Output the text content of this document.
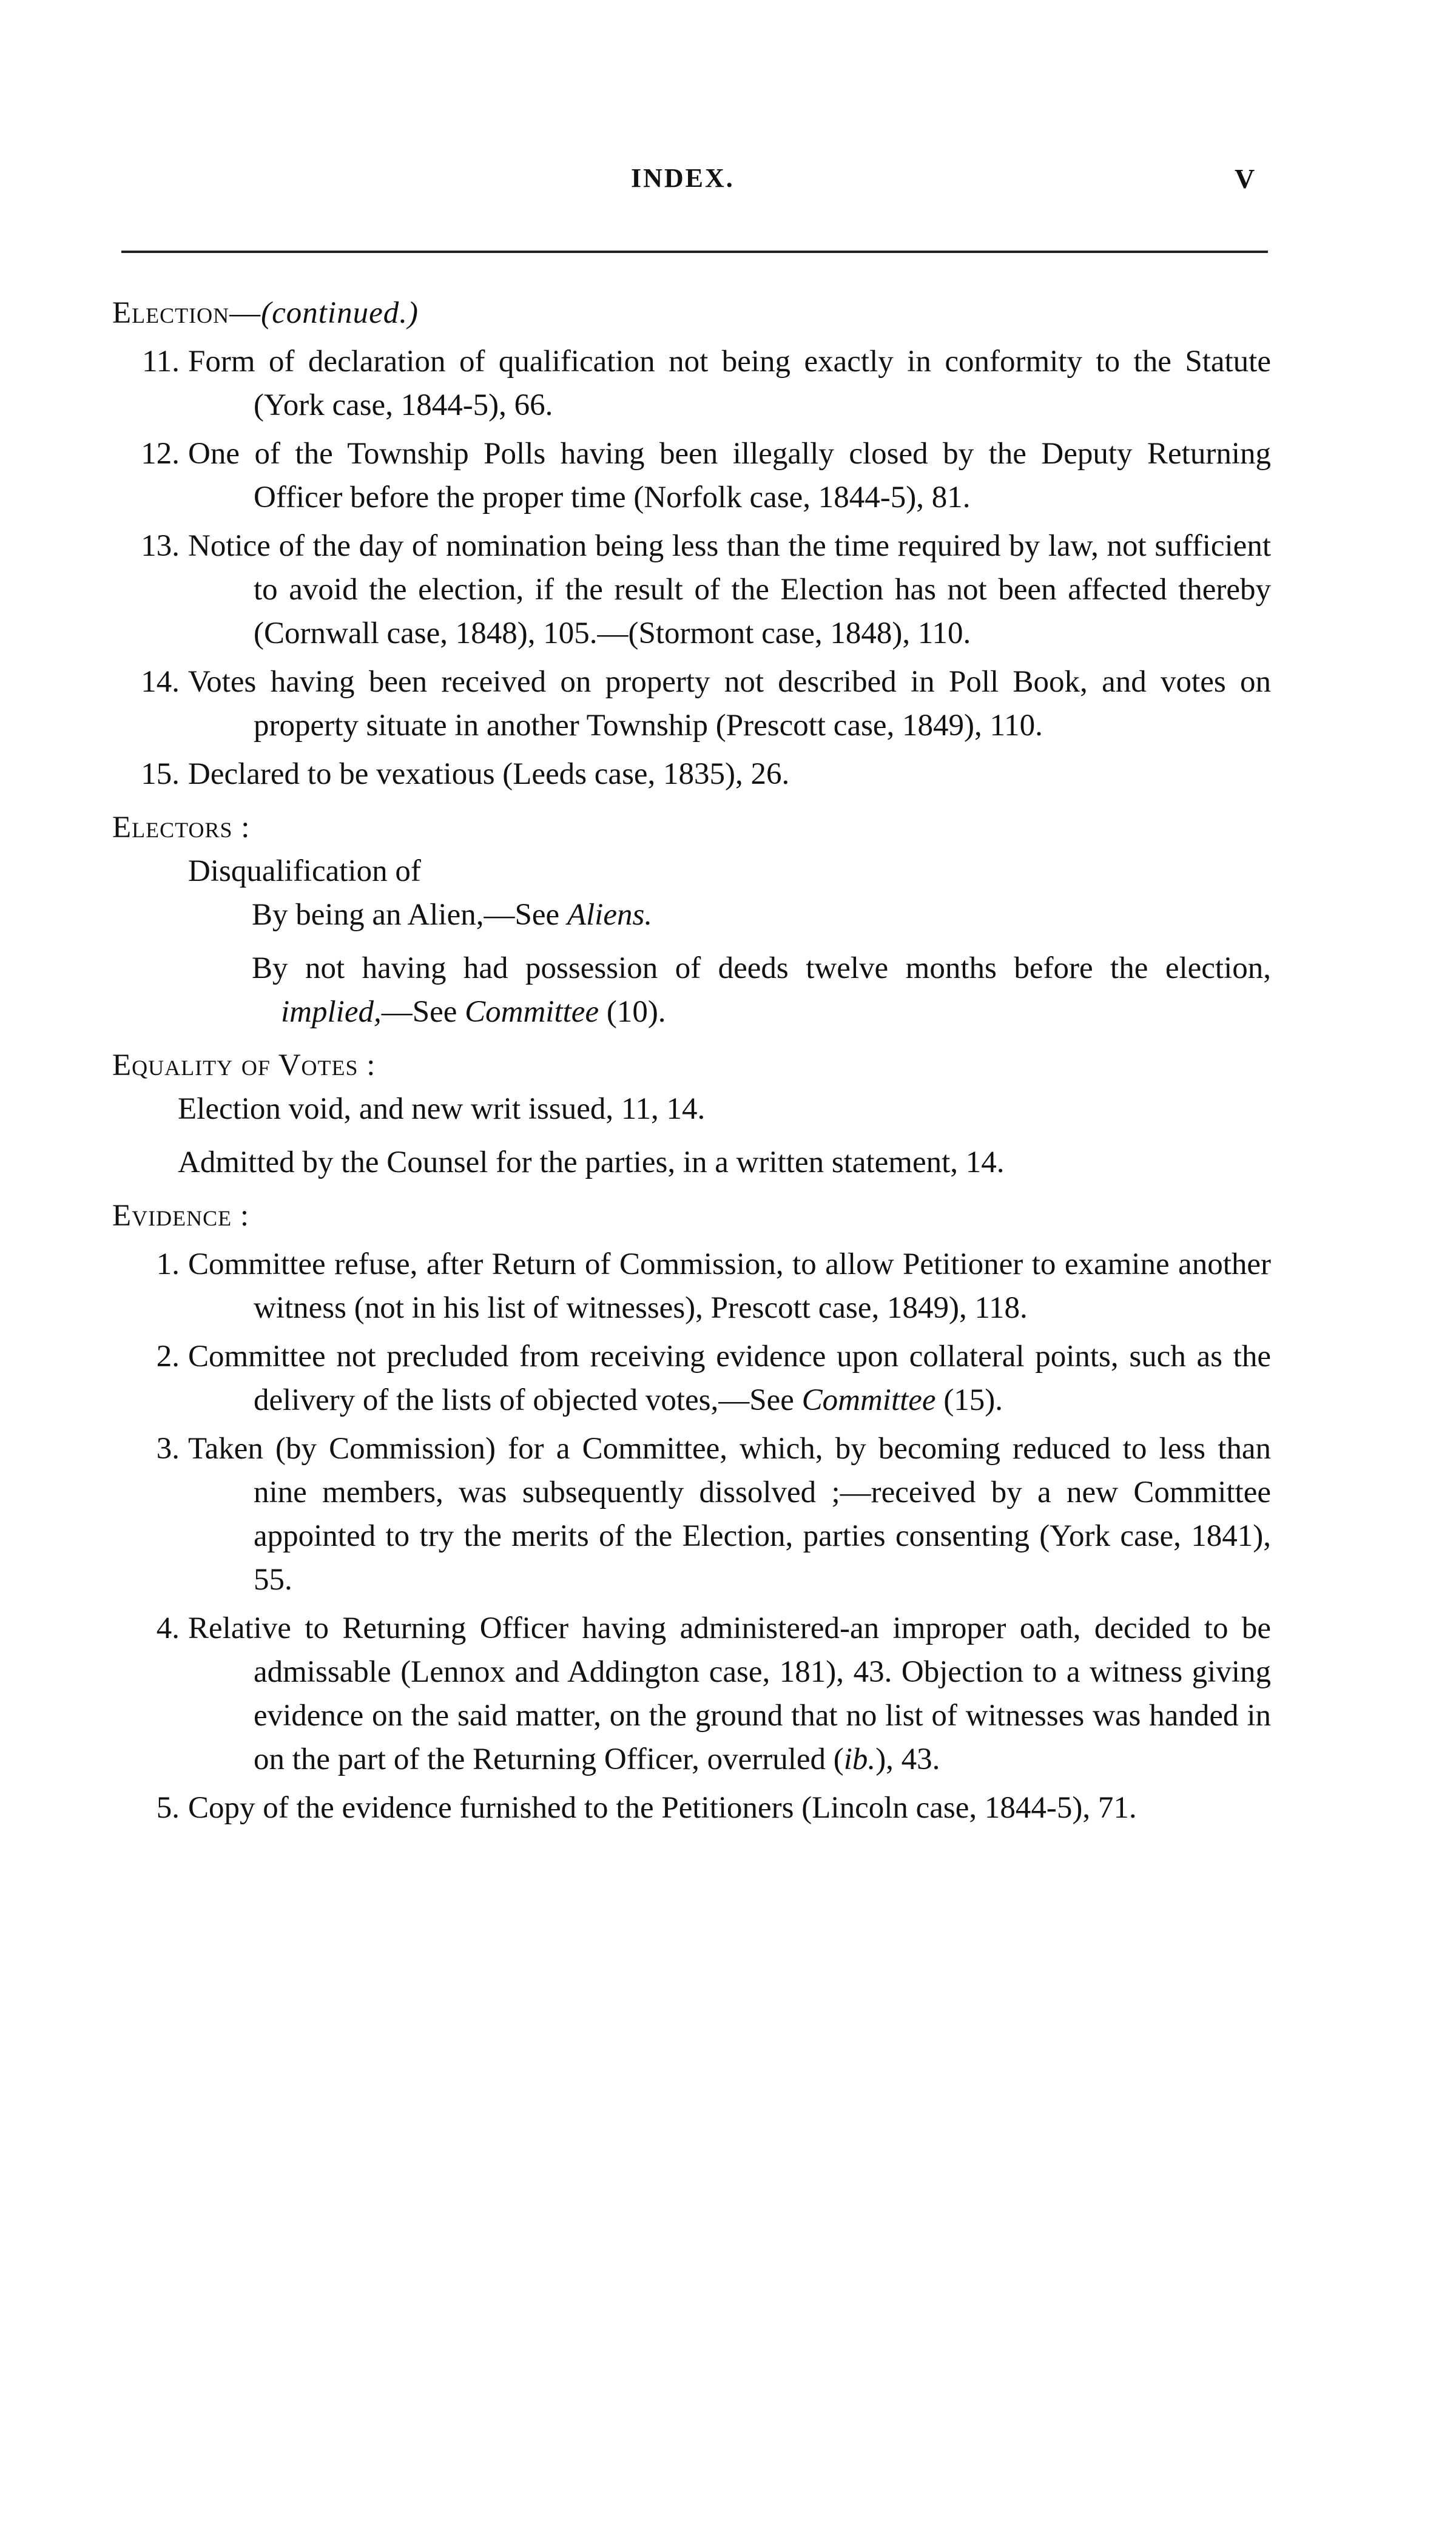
INDEX.	V
Election—(continued.)
11. Form of declaration of qualification not being exactly in conformity to the Statute (York case, 1844-5), 66.
12. One of the Township Polls having been illegally closed by the Deputy Returning Officer before the proper time (Norfolk case, 1844-5), 81.
13. Notice of the day of nomination being less than the time required by law, not sufficient to avoid the election, if the result of the Election has not been affected thereby (Cornwall case, 1848), 105.—(Stormont case, 1848), 110.
14. Votes having been received on property not described in Poll Book, and votes on property situate in another Township (Prescott case, 1849), 110.
15. Declared to be vexatious (Leeds case, 1835), 26.
Electors :
Disqualification of
By being an Alien,—See Aliens.
By not having had possession of deeds twelve months before the election, implied,—See Committee (10).
Equality of Votes :
Election void, and new writ issued, 11, 14.
Admitted by the Counsel for the parties, in a written statement, 14.
Evidence :
1. Committee refuse, after Return of Commission, to allow Petitioner to examine another witness (not in his list of witnesses), Prescott case, 1849), 118.
2. Committee not precluded from receiving evidence upon collateral points, such as the delivery of the lists of objected votes,—See Committee (15).
3. Taken (by Commission) for a Committee, which, by becoming reduced to less than nine members, was subsequently dissolved ;—received by a new Committee appointed to try the merits of the Election, parties consenting (York case, 1841), 55.
4. Relative to Returning Officer having administered-an improper oath, decided to be admissable (Lennox and Addington case, 181), 43. Objection to a witness giving evidence on the said matter, on the ground that no list of witnesses was handed in on the part of the Returning Officer, overruled (ib.), 43.
5. Copy of the evidence furnished to the Petitioners (Lincoln case, 1844-5), 71.
